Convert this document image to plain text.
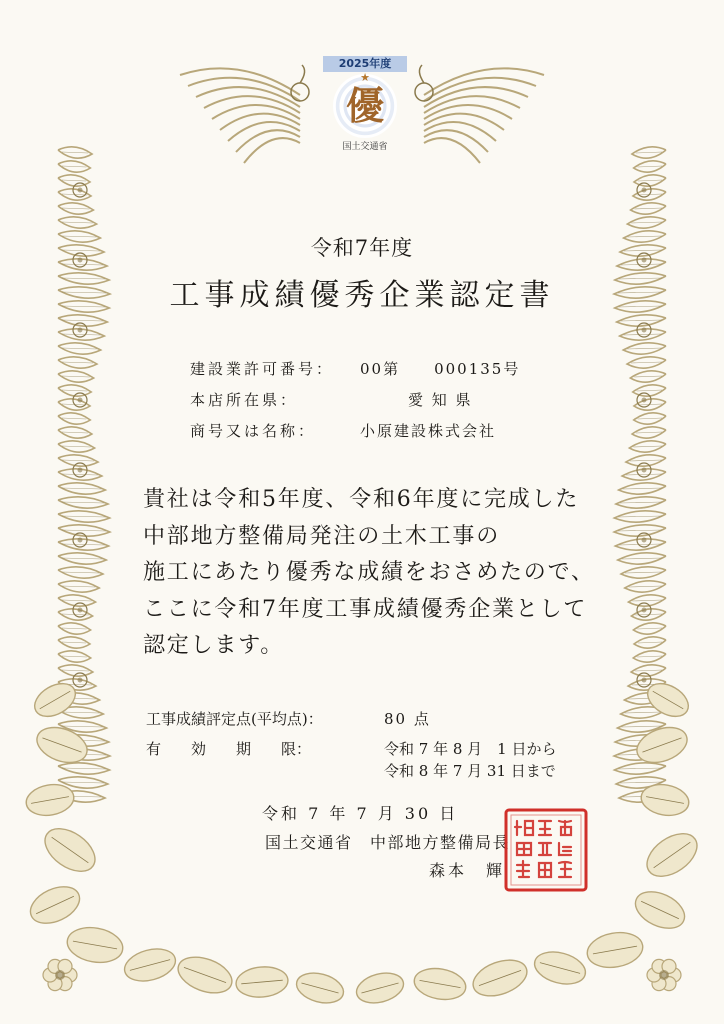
2025年度
★
優
国土交通省
令和7年度
工事成績優秀企業認定書
建設業許可番号： 00第　　000135号
本店所在県：	愛 知 県
商号又は名称：	小原建設株式会社
貴社は令和5年度、令和6年度に完成した
中部地方整備局発注の土木工事の
施工にあたり優秀な成績をおさめたので、
ここに令和7年度工事成績優秀企業として
認定します。
工事成績評定点(平均点)：	80 点
有　　効　　期　　限：	令和 7 年 8 月　1 日から
令和 8 年 7 月 31 日まで
令和 7 年 7 月 30 日
国土交通省　中部地方整備局長
森本　輝
